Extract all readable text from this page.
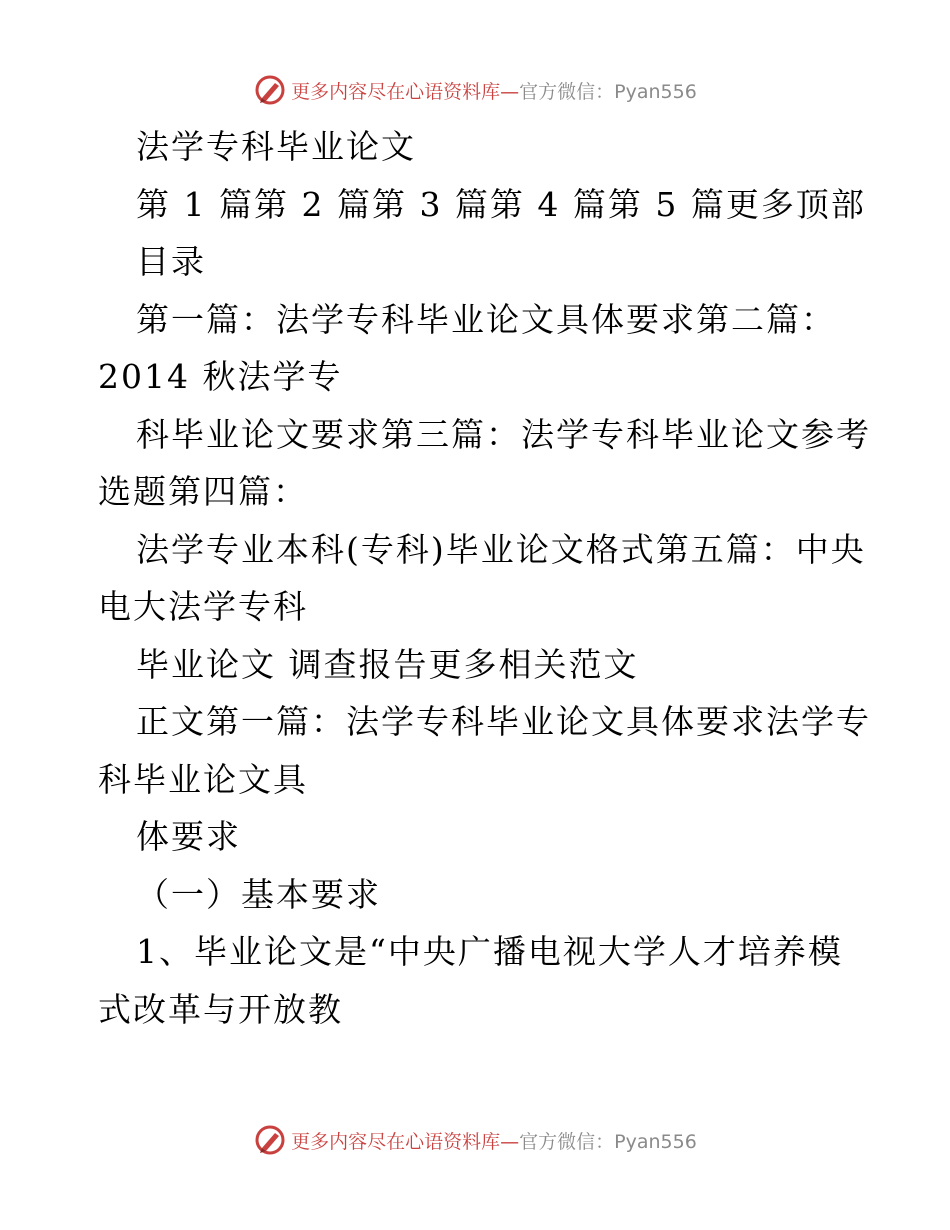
更多内容尽在心语资料库—官方微信：Pyan556
法学专科毕业论文
第 1 篇第 2 篇第 3 篇第 4 篇第 5 篇更多顶部
目录
第一篇：法学专科毕业论文具体要求第二篇：
2014 秋法学专
科毕业论文要求第三篇：法学专科毕业论文参考
选题第四篇：
法学专业本科(专科)毕业论文格式第五篇：中央
电大法学专科
毕业论文 调查报告更多相关范文
正文第一篇：法学专科毕业论文具体要求法学专
科毕业论文具
体要求
（一）基本要求
1、毕业论文是“中央广播电视大学人才培养模
式改革与开放教
更多内容尽在心语资料库—官方微信：Pyan556
